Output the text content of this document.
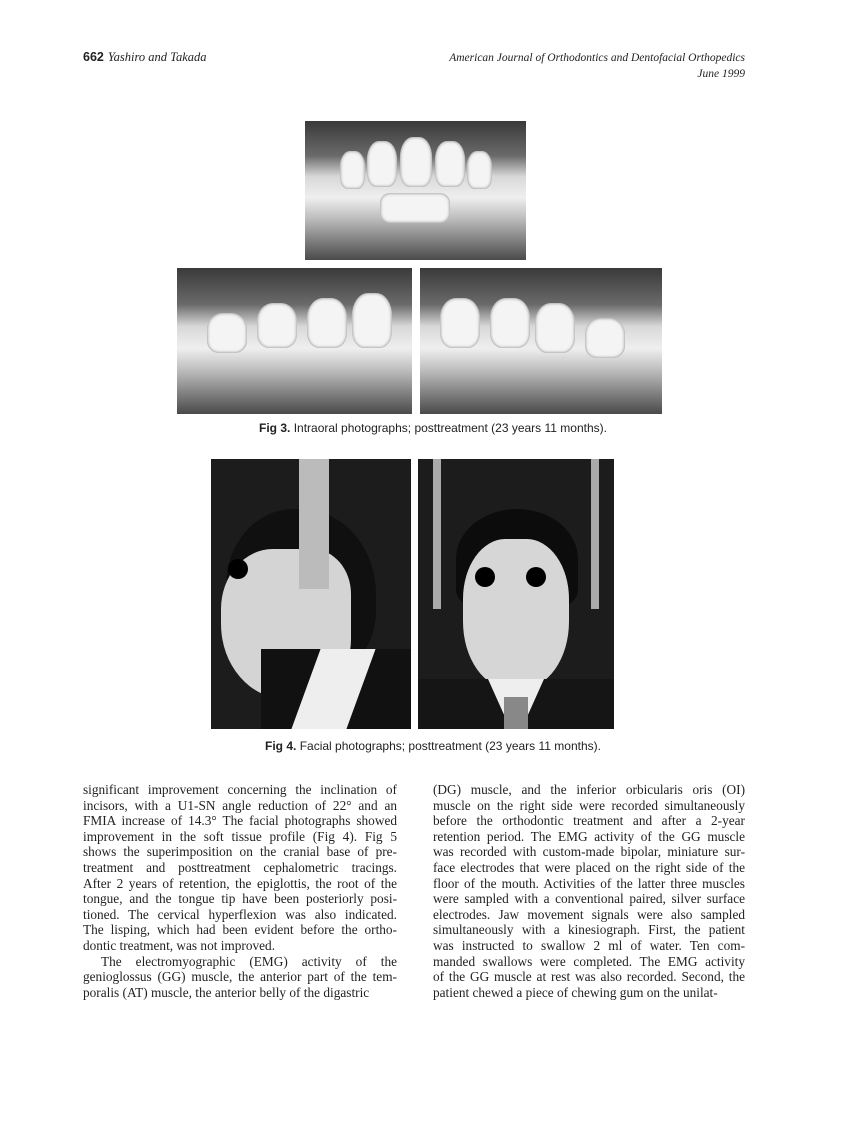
662 Yashiro and Takada	American Journal of Orthodontics and Dentofacial Orthopedics
June 1999
Fig 3. Intraoral photographs; posttreatment (23 years 11 months).
Fig 4. Facial photographs; posttreatment (23 years 11 months).
significant improvement concerning the inclination of
incisors, with a U1-SN angle reduction of 22° and an
FMIA increase of 14.3° The facial photographs showed
improvement in the soft tissue profile (Fig 4). Fig 5
shows the superimposition on the cranial base of pre-
treatment and posttreatment cephalometric tracings.
After 2 years of retention, the epiglottis, the root of the
tongue, and the tongue tip have been posteriorly posi-
tioned. The cervical hyperflexion was also indicated.
The lisping, which had been evident before the ortho-
dontic treatment, was not improved.
The electromyographic (EMG) activity of the
genioglossus (GG) muscle, the anterior part of the tem-
poralis (AT) muscle, the anterior belly of the digastric
(DG) muscle, and the inferior orbicularis oris (OI)
muscle on the right side were recorded simultaneously
before the orthodontic treatment and after a 2-year
retention period. The EMG activity of the GG muscle
was recorded with custom-made bipolar, miniature sur-
face electrodes that were placed on the right side of the
floor of the mouth. Activities of the latter three muscles
were sampled with a conventional paired, silver surface
electrodes. Jaw movement signals were also sampled
simultaneously with a kinesiograph. First, the patient
was instructed to swallow 2 ml of water. Ten com-
manded swallows were completed. The EMG activity
of the GG muscle at rest was also recorded. Second, the
patient chewed a piece of chewing gum on the unilat-
